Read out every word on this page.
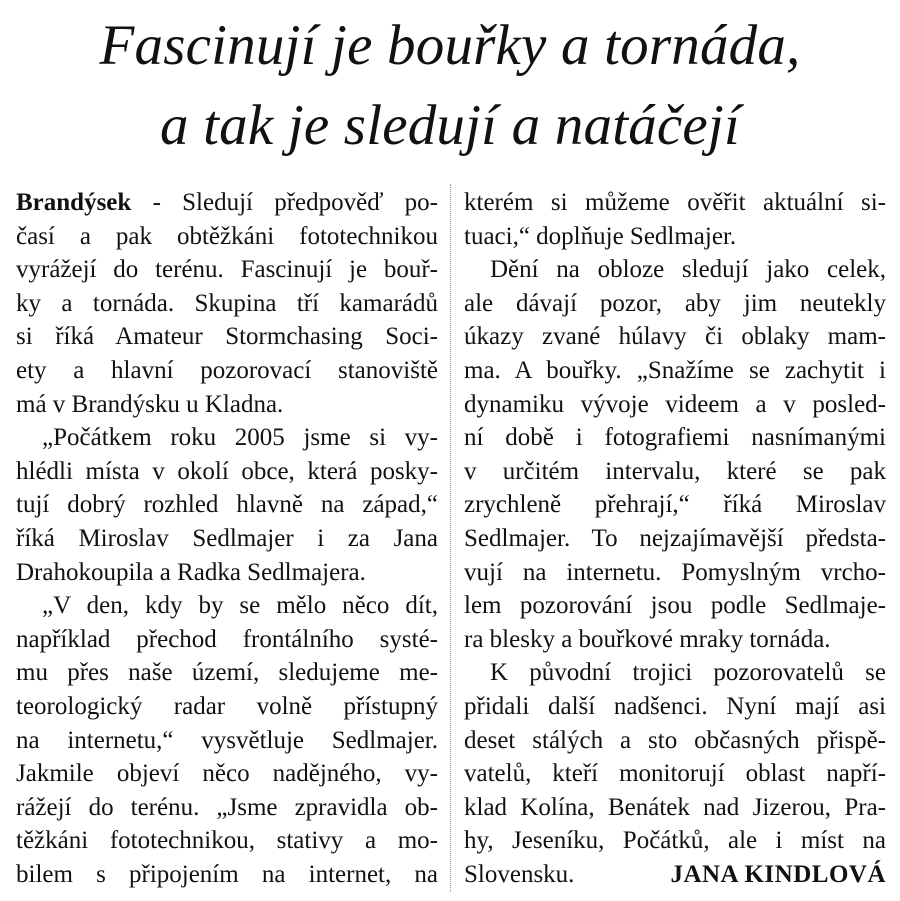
Fascinují je bouřky a tornáda,
a tak je sledují a natáčejí
Brandýsek - Sledují předpověď po-
časí a pak obtěžkáni fototechnikou
vyrážejí do terénu. Fascinují je bouř-
ky a tornáda. Skupina tří kamarádů
si říká Amateur Stormchasing Soci-
ety a hlavní pozorovací stanoviště
má v Brandýsku u Kladna.
„Počátkem roku 2005 jsme si vy-
hlédli místa v okolí obce, která posky-
tují dobrý rozhled hlavně na západ,“
říká Miroslav Sedlmajer i za Jana
Drahokoupila a Radka Sedlmajera.
„V den, kdy by se mělo něco dít,
například přechod frontálního systé-
mu přes naše území, sledujeme me-
teorologický radar volně přístupný
na internetu,“ vysvětluje Sedlmajer.
Jakmile objeví něco nadějného, vy-
rážejí do terénu. „Jsme zpravidla ob-
těžkáni fototechnikou, stativy a mo-
bilem s připojením na internet, na
kterém si můžeme ověřit aktuální si-
tuaci,“ doplňuje Sedlmajer.
Dění na obloze sledují jako celek,
ale dávají pozor, aby jim neutekly
úkazy zvané húlavy či oblaky mam-
ma. A bouřky. „Snažíme se zachytit i
dynamiku vývoje videem a v posled-
ní době i fotografiemi nasnímanými
v určitém intervalu, které se pak
zrychleně přehrají,“ říká Miroslav
Sedlmajer. To nejzajímavější předsta-
vují na internetu. Pomyslným vrcho-
lem pozorování jsou podle Sedlmaje-
ra blesky a bouřkové mraky tornáda.
K původní trojici pozorovatelů se
přidali další nadšenci. Nyní mají asi
deset stálých a sto občasných přispě-
vatelů, kteří monitorují oblast napří-
klad Kolína, Benátek nad Jizerou, Pra-
hy, Jeseníku, Počátků, ale i míst na
Slovensku.	JANA KINDLOVÁ
